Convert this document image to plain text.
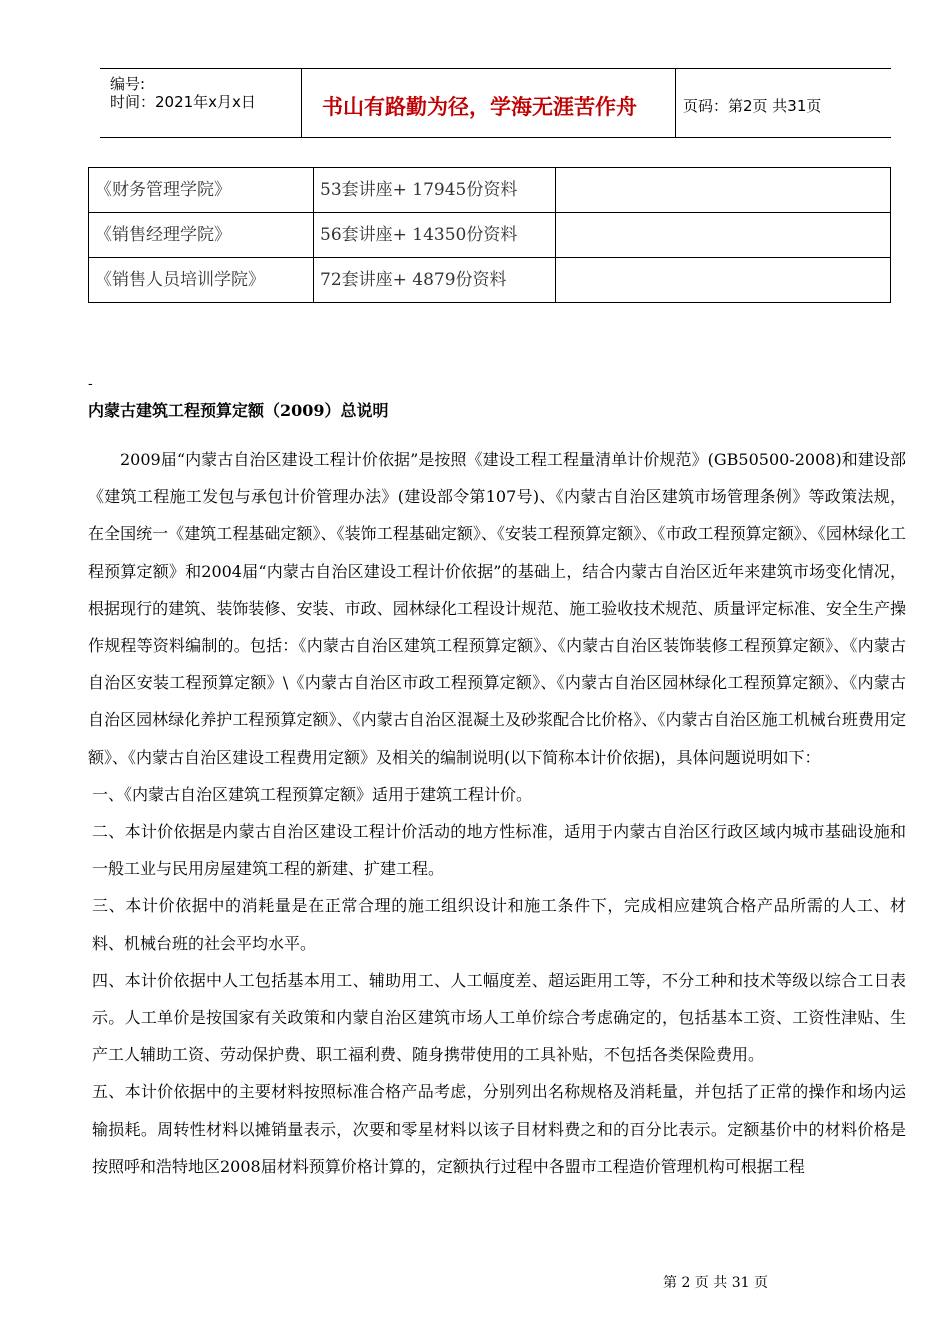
编号:
时间：2021年x月x日	书山有路勤为径，学海无涯苦作舟	页码：第2页 共31页
《财务管理学院》	53套讲座+ 17945份资料	
《销售经理学院》	56套讲座+ 14350份资料	
《销售人员培训学院》	72套讲座+ 4879份资料	
-
内蒙古建筑工程预算定额（2009）总说明

2009届“内蒙古自治区建设工程计价依据”是按照《建设工程工程量清单计价规范》(GB50500-2008)和建设部《建筑工程施工发包与承包计价管理办法》(建设部令第107号)、《内蒙古自治区建筑市场管理条例》等政策法规，在全国统一《建筑工程基础定额》、《装饰工程基础定额》、《安装工程预算定额》、《市政工程预算定额》、《园林绿化工程预算定额》和2004届“内蒙古自治区建设工程计价依据”的基础上，结合内蒙古自治区近年来建筑市场变化情况，根据现行的建筑、装饰装修、安装、市政、园林绿化工程设计规范、施工验收技术规范、质量评定标准、安全生产操作规程等资料编制的。包括：《内蒙古自治区建筑工程预算定额》、《内蒙古自治区装饰装修工程预算定额》、《内蒙古自治区安装工程预算定额》\《内蒙古自治区市政工程预算定额》、《内蒙古自治区园林绿化工程预算定额》、《内蒙古自治区园林绿化养护工程预算定额》、《内蒙古自治区混凝土及砂浆配合比价格》、《内蒙古自治区施工机械台班费用定额》、《内蒙古自治区建设工程费用定额》及相关的编制说明(以下简称本计价依据)，具体问题说明如下：

一、《内蒙古自治区建筑工程预算定额》适用于建筑工程计价。

二、本计价依据是内蒙古自治区建设工程计价活动的地方性标准，适用于内蒙古自治区行政区域内城市基础设施和一般工业与民用房屋建筑工程的新建、扩建工程。

三、本计价依据中的消耗量是在正常合理的施工组织设计和施工条件下，完成相应建筑合格产品所需的人工、材料、机械台班的社会平均水平。

四、本计价依据中人工包括基本用工、辅助用工、人工幅度差、超运距用工等，不分工种和技术等级以综合工日表示。人工单价是按国家有关政策和内蒙自治区建筑市场人工单价综合考虑确定的，包括基本工资、工资性津贴、生产工人辅助工资、劳动保护费、职工福利费、随身携带使用的工具补贴，不包括各类保险费用。

五、本计价依据中的主要材料按照标准合格产品考虑，分别列出名称规格及消耗量，并包括了正常的操作和场内运输损耗。周转性材料以摊销量表示，次要和零星材料以该子目材料费之和的百分比表示。定额基价中的材料价格是按照呼和浩特地区2008届材料预算价格计算的，定额执行过程中各盟市工程造价管理机构可根据工程

第 2 页 共 31 页
